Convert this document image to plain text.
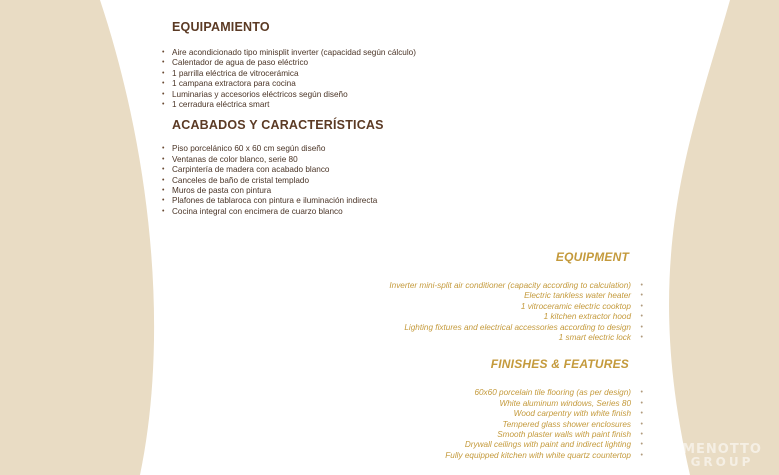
EQUIPAMIENTO
• Aire acondicionado tipo minisplit inverter (capacidad según cálculo)
• Calentador de agua de paso eléctrico
• 1 parrilla eléctrica de vitrocerámica
• 1 campana extractora para cocina
• Luminarias y accesorios eléctricos según diseño
• 1 cerradura eléctrica smart
ACABADOS Y CARACTERÍSTICAS
• Piso porcelánico 60 x 60 cm según diseño
• Ventanas de color blanco, serie 80
• Carpintería de madera con acabado blanco
• Canceles de baño de cristal templado
• Muros de pasta con pintura
• Plafones de tablaroca con pintura e iluminación indirecta
• Cocina integral con encimera de cuarzo blanco
EQUIPMENT
Inverter mini-split air conditioner (capacity according to calculation) •
Electric tankless water heater •
1 vitroceramic electric cooktop •
1 kitchen extractor hood •
Lighting fixtures and electrical accessories according to design •
1 smart electric lock •
FINISHES & FEATURES
60x60 porcelain tile flooring (as per design) •
White aluminum windows, Series 80 •
Wood carpentry with white finish •
Tempered glass shower enclosures •
Smooth plaster walls with paint finish •
Drywall ceilings with paint and indirect lighting •
Fully equipped kitchen with white quartz countertop •	MENOTTO
GROUP
